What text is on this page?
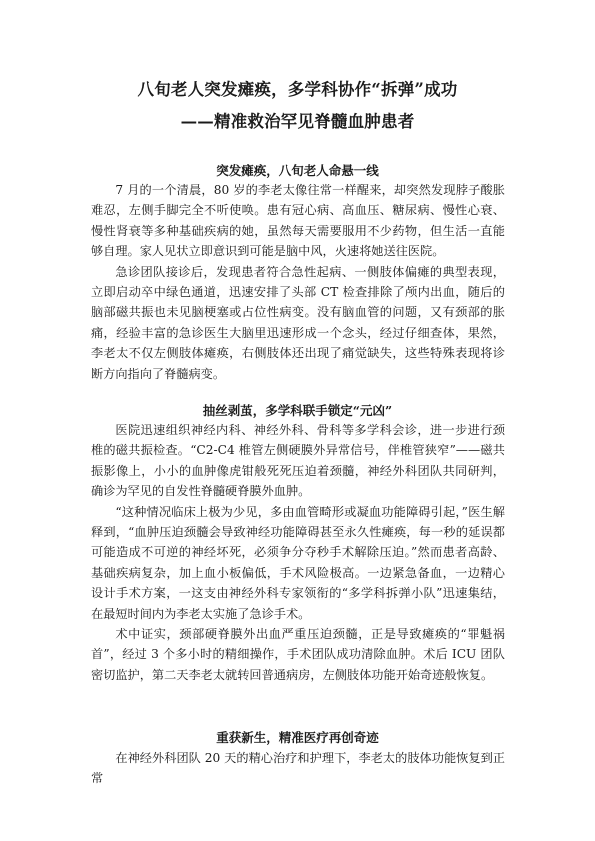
八旬老人突发瘫痪，多学科协作“拆弹”成功
——精准救治罕见脊髓血肿患者
突发瘫痪，八旬老人命悬一线

7 月的一个清晨，80 岁的李老太像往常一样醒来，却突然发现脖子酸胀难忍，左侧手脚完全不听使唤。患有冠心病、高血压、糖尿病、慢性心衰、慢性肾衰等多种基础疾病的她，虽然每天需要服用不少药物，但生活一直能够自理。家人见状立即意识到可能是脑中风，火速将她送往医院。

急诊团队接诊后，发现患者符合急性起病、一侧肢体偏瘫的典型表现，立即启动卒中绿色通道，迅速安排了头部 CT 检查排除了颅内出血，随后的脑部磁共振也未见脑梗塞或占位性病变。没有脑血管的问题，又有颈部的胀痛，经验丰富的急诊医生大脑里迅速形成一个念头，经过仔细查体，果然，李老太不仅左侧肢体瘫痪，右侧肢体还出现了痛觉缺失，这些特殊表现将诊断方向指向了脊髓病变。

抽丝剥茧，多学科联手锁定“元凶”

医院迅速组织神经内科、神经外科、骨科等多学科会诊，进一步进行颈椎的磁共振检查。“C2-C4 椎管左侧硬膜外异常信号，伴椎管狭窄”——磁共振影像上，小小的血肿像虎钳般死死压迫着颈髓，神经外科团队共同研判，确诊为罕见的自发性脊髓硬脊膜外血肿。

“这种情况临床上极为少见，多由血管畸形或凝血功能障碍引起，”医生解释到，“血肿压迫颈髓会导致神经功能障碍甚至永久性瘫痪，每一秒的延误都可能造成不可逆的神经坏死，必须争分夺秒手术解除压迫。”然而患者高龄、基础疾病复杂，加上血小板偏低，手术风险极高。一边紧急备血，一边精心设计手术方案，一这支由神经外科专家领衔的“多学科拆弹小队”迅速集结，在最短时间内为李老太实施了急诊手术。

术中证实，颈部硬脊膜外出血严重压迫颈髓，正是导致瘫痪的“罪魁祸首”，经过 3 个多小时的精细操作，手术团队成功清除血肿。术后 ICU 团队密切监护，第二天李老太就转回普通病房，左侧肢体功能开始奇迹般恢复。

重获新生，精准医疗再创奇迹

在神经外科团队 20 天的精心治疗和护理下，李老太的肢体功能恢复到正常
